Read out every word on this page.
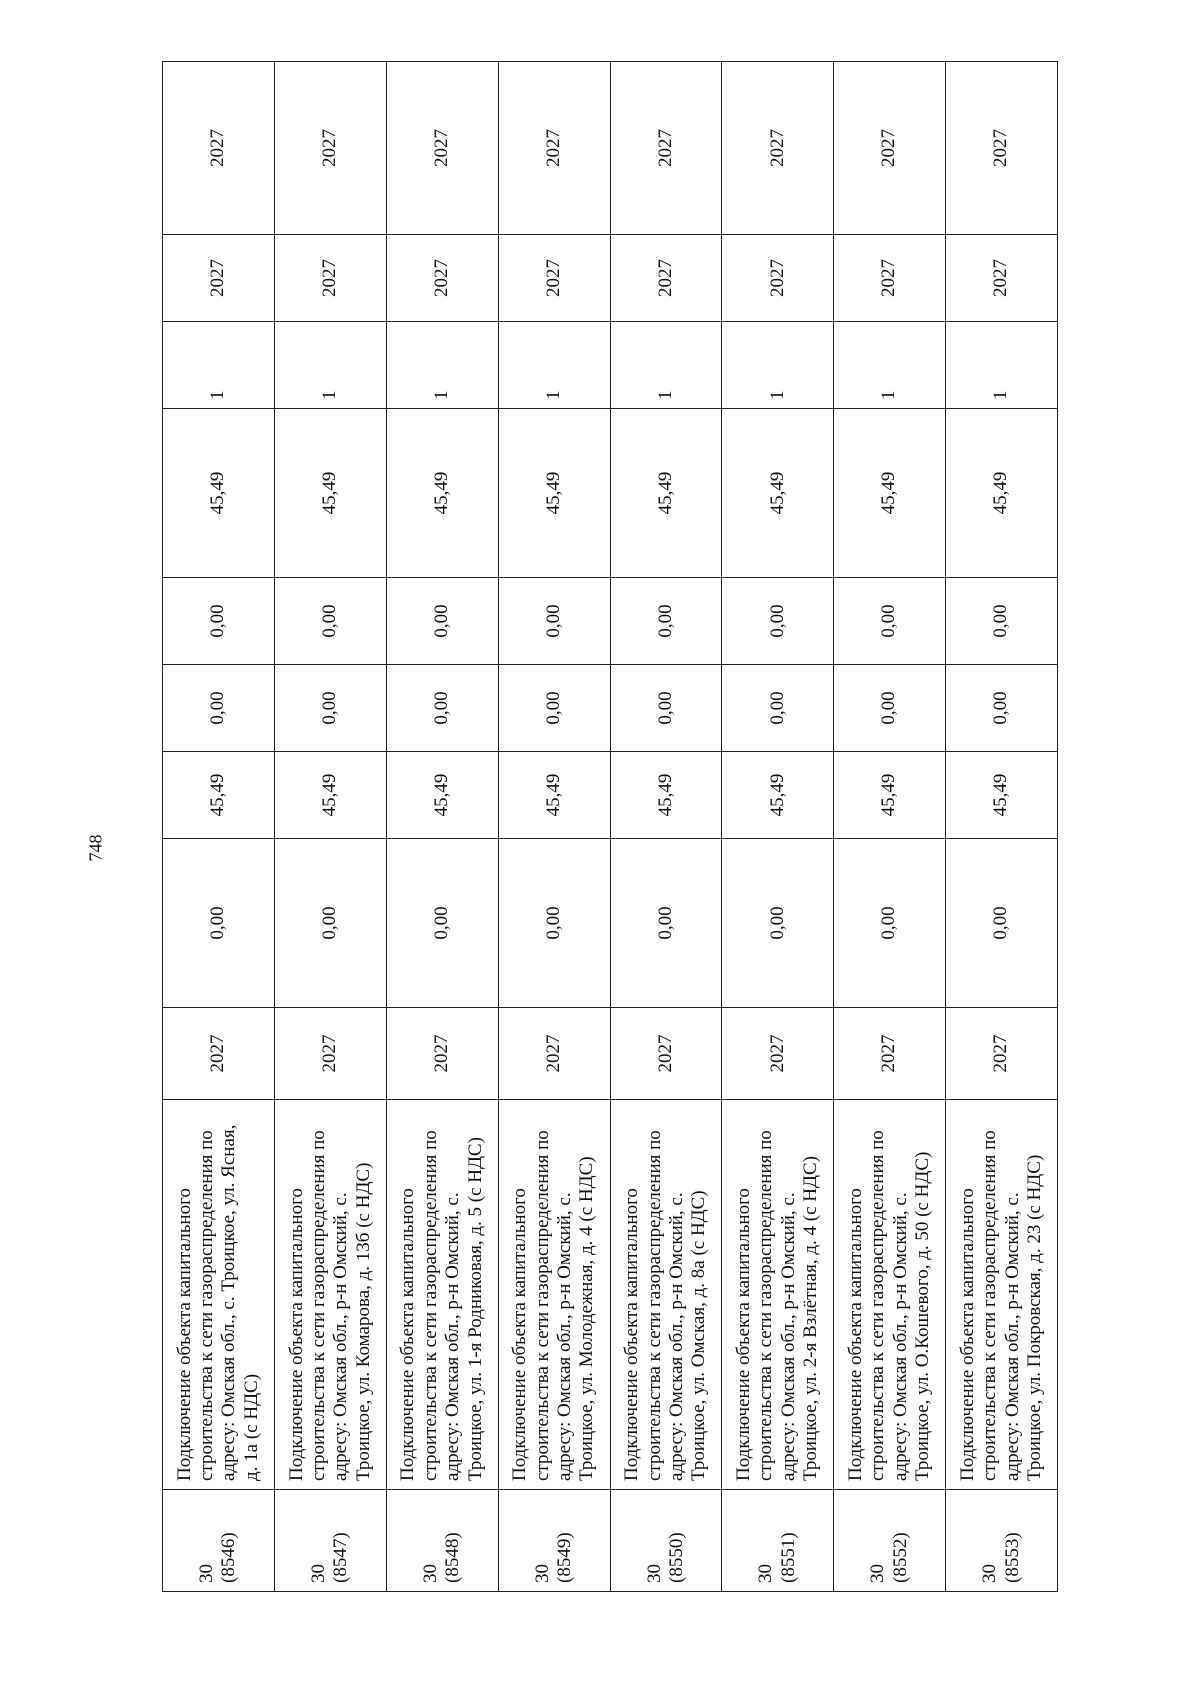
748
30 (8546)	Подключение объекта капитального строительства к сети газораспределения по адресу: Омская обл., с. Троицкое, ул. Ясная, д. 1а (с НДС)	2027	0,00	45,49	0,00	0,00	45,49	1	2027	2027

30 (8547)	Подключение объекта капитального строительства к сети газораспределения по адресу: Омская обл., р-н Омский, с. Троицкое, ул. Комарова, д. 13б (с НДС)	2027	0,00	45,49	0,00	0,00	45,49	1	2027	2027

30 (8548)	Подключение объекта капитального строительства к сети газораспределения по адресу: Омская обл., р-н Омский, с. Троицкое, ул. 1-я Родниковая, д. 5 (с НДС)	2027	0,00	45,49	0,00	0,00	45,49	1	2027	2027

30 (8549)	Подключение объекта капитального строительства к сети газораспределения по адресу: Омская обл., р-н Омский, с. Троицкое, ул. Молодежная, д. 4 (с НДС)	2027	0,00	45,49	0,00	0,00	45,49	1	2027	2027

30 (8550)	Подключение объекта капитального строительства к сети газораспределения по адресу: Омская обл., р-н Омский, с. Троицкое, ул. Омская, д. 8а (с НДС)	2027	0,00	45,49	0,00	0,00	45,49	1	2027	2027

30 (8551)	Подключение объекта капитального строительства к сети газораспределения по адресу: Омская обл., р-н Омский, с. Троицкое, ул. 2-я Взлётная, д. 4 (с НДС)	2027	0,00	45,49	0,00	0,00	45,49	1	2027	2027

30 (8552)	Подключение объекта капитального строительства к сети газораспределения по адресу: Омская обл., р-н Омский, с. Троицкое, ул. О.Кошевого, д. 50 (с НДС)	2027	0,00	45,49	0,00	0,00	45,49	1	2027	2027

30 (8553)	Подключение объекта капитального строительства к сети газораспределения по адресу: Омская обл., р-н Омский, с. Троицкое, ул. Покровская, д. 23 (с НДС)	2027	0,00	45,49	0,00	0,00	45,49	1	2027	2027
